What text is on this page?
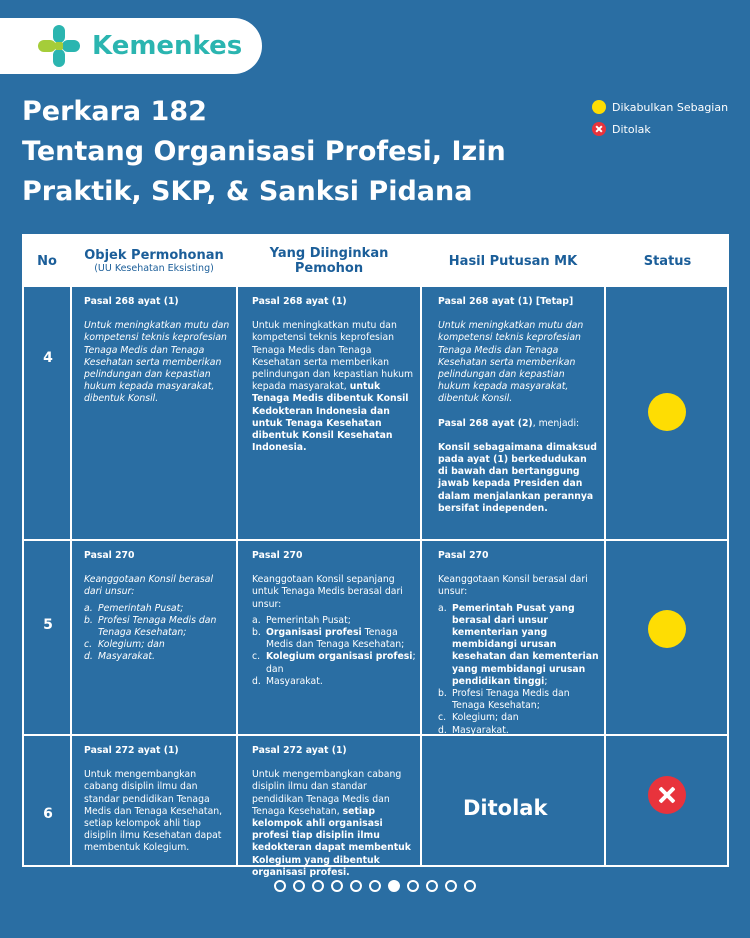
Kemenkes
Perkara 182
Tentang Organisasi Profesi, Izin
Praktik, SKP, & Sanksi Pidana
Dikabulkan Sebagian
Ditolak
No Objek Permohonan
(UU Kesehatan Eksisting)
Yang Diinginkan
Pemohon	Hasil Putusan MK	Status
4
Pasal 268 ayat (1)
Untuk meningkatkan mutu dan kompetensi teknis keprofesian Tenaga Medis dan Tenaga Kesehatan serta memberikan pelindungan dan kepastian hukum kepada masyarakat, dibentuk Konsil.
Pasal 268 ayat (1)
Untuk meningkatkan mutu dan kompetensi teknis keprofesian Tenaga Medis dan Tenaga Kesehatan serta memberikan pelindungan dan kepastian hukum kepada masyarakat, untuk Tenaga Medis dibentuk Konsil Kedokteran Indonesia dan untuk Tenaga Kesehatan dibentuk Konsil Kesehatan Indonesia.
Pasal 268 ayat (1) [Tetap]
Untuk meningkatkan mutu dan kompetensi teknis keprofesian Tenaga Medis dan Tenaga Kesehatan serta memberikan pelindungan dan kepastian hukum kepada masyarakat, dibentuk Konsil.
Pasal 268 ayat (2), menjadi:
Konsil sebagaimana dimaksud pada ayat (1) berkedudukan di bawah dan bertanggung jawab kepada Presiden dan dalam menjalankan perannya bersifat independen.
5
Pasal 270
Keanggotaan Konsil berasal dari unsur:
a. Pemerintah Pusat;
b. Profesi Tenaga Medis dan Tenaga Kesehatan;
c. Kolegium; dan
d. Masyarakat.
Pasal 270
Keanggotaan Konsil sepanjang untuk Tenaga Medis berasal dari unsur:
a. Pemerintah Pusat;
b. Organisasi profesi Tenaga Medis dan Tenaga Kesehatan;
c. Kolegium organisasi profesi; dan
d. Masyarakat.
Pasal 270
Keanggotaan Konsil berasal dari unsur:
a. Pemerintah Pusat yang berasal dari unsur kementerian yang membidangi urusan kesehatan dan kementerian yang membidangi urusan pendidikan tinggi;
b. Profesi Tenaga Medis dan Tenaga Kesehatan;
c. Kolegium; dan
d. Masyarakat.
6
Pasal 272 ayat (1)
Untuk mengembangkan cabang disiplin ilmu dan standar pendidikan Tenaga Medis dan Tenaga Kesehatan, setiap kelompok ahli tiap disiplin ilmu Kesehatan dapat membentuk Kolegium.
Pasal 272 ayat (1)
Untuk mengembangkan cabang disiplin ilmu dan standar pendidikan Tenaga Medis dan Tenaga Kesehatan, setiap kelompok ahli organisasi profesi tiap disiplin ilmu kedokteran dapat membentuk Kolegium yang dibentuk organisasi profesi.
Ditolak
